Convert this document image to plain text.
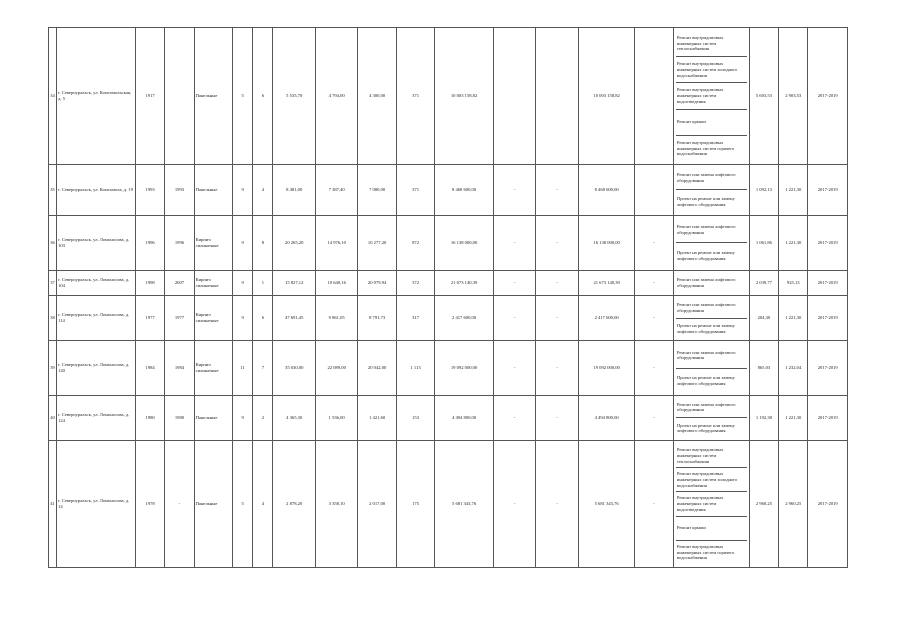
34	г. Североуральск, ул. Комсомольская, д. 5	1917		Панельные	5	6	5 535,70	4 794,00	4 300,00	371	10 003 158,82			10 003 158,82		Ремонт внутридомовых инженерных систем теплоснабжения
Ремонт внутридомовых инженерных систем холодного водоснабжения
Ремонт внутридомовых инженерных систем водоотведения
Ремонт крыши
Ремонт внутридомовых инженерных систем горячего водоснабжения	5 603,53	2 903,53	2017-2019
35	г. Североуральск, ул. Комсомола, д. 19	1993	1993	Панельные	9	4	8 481,00	7 387,40	7 080,00	371	8 468 600,00	-	-	8 468 600,00		Ремонт или замена лифтового оборудования
Проект на ремонт или замену лифтового оборудования	1 092,13	1 221,30	2017-2019
36	г. Североуральск, ул. Ломоносова, д. 103	1996	1996	Кирпич силикатные	9	8	20 265,20	14 976,10	10 277,20	872	16 138 000,00	-	-	16 138 000,00	-	Ремонт или замена лифтового оборудования
Проект на ремонт или замену лифтового оборудования	1 061,86	1 221,30	2017-2019
37	г. Североуральск, ул. Ломоносова, д. 104	1998	2007	Кирпич силикатные	9	1	15 827,12	10 640,16	20 079,94	372	21 673 140,39	-	-	21 673 140,39	-	Ремонт или замена лифтового оборудования	2 039,77	925,13	2017-2019
38	г. Североуральск, ул. Ломоносова, д. 114	1977	1977	Кирпич силикатные	9	6	47 691,45	9 861,05	8 791,73	317	2 417 600,00	-	-	2 417 600,00	-	Ремонт или замена лифтового оборудования
Проект на ремонт или замену лифтового оборудования	204,30	1 221,30	2017-2019
39	г. Североуральск, ул. Ломоносова, д. 120	1984	1984	Кирпич силикатные	11	7	35 030,00	22 089,00	20 042,00	1 113	19 092 000,00	-	-	19 092 000,00	-	Ремонт или замена лифтового оборудования
Проект на ремонт или замену лифтового оборудования	865,03	1 232,04	2017-2019
40	г. Североуральск, ул. Ломоносова, д. 124	1980	1980	Панельные	9	2	4 365,30	1 536,00	1 421,60	153	4 494 800,00	-	-	4 494 800,00	-	Ремонт или замена лифтового оборудования
Проект на ремонт или замену лифтового оборудования	1 192,38	1 221,30	2017-2019
41	г. Североуральск, ул. Ломоносова, д. 14	1978	-	Панельные	5	4	2 878,20	3 358,10	2 017,00	175	5 681 343,76	-	-	5 681 343,76	-	Ремонт внутридомовых инженерных систем теплоснабжения
Ремонт внутридомовых инженерных систем холодного водоснабжения
Ремонт внутридомовых инженерных систем водоотведения
Ремонт крыши
Ремонт внутридомовых инженерных систем горячего водоснабжения	2 960,25	2 960,25	2017-2019
